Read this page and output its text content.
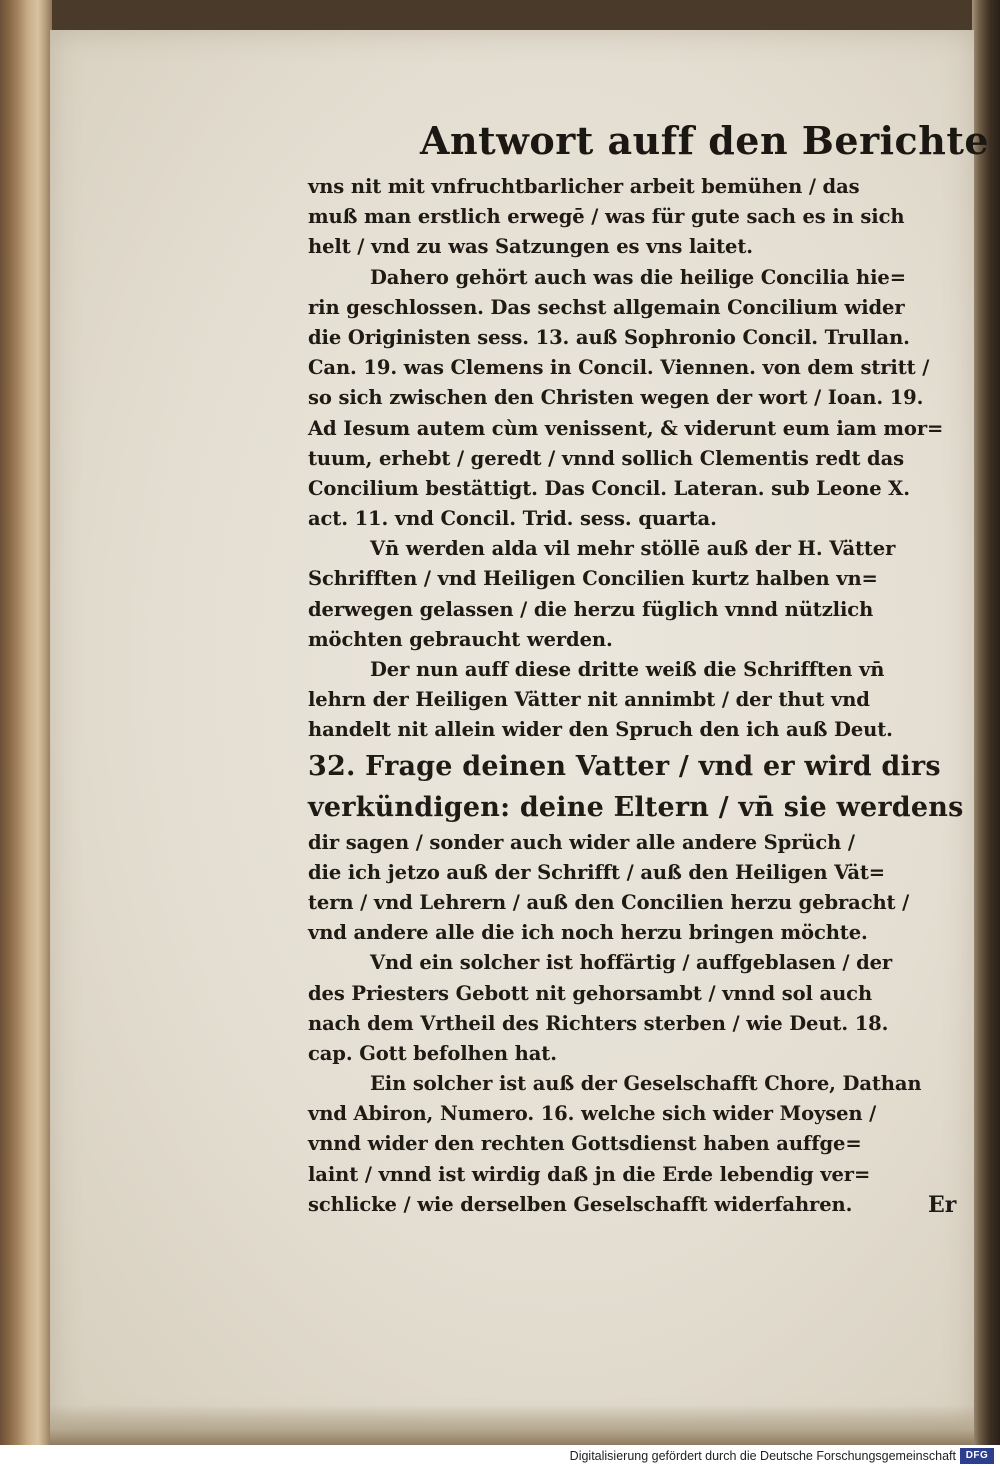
Antwort auff den Berichte
vns nit mit vnfruchtbarlicher arbeit bemühen / das
muß man erstlich erwegē / was für gute sach es in sich
helt / vnd zu was Satzungen es vns laitet.
Dahero gehört auch was die heilige Concilia hie=
rin geschlossen. Das sechst allgemain Concilium wider
die Originisten sess. 13. auß Sophronio Concil. Trullan.
Can. 19. was Clemens in Concil. Viennen. von dem stritt /
so sich zwischen den Christen wegen der wort / Ioan. 19.
Ad Iesum autem cùm venissent, & viderunt eum iam mor=
tuum, erhebt / geredt / vnnd sollich Clementis redt das
Concilium bestättigt. Das Concil. Lateran. sub Leone X.
act. 11. vnd Concil. Trid. sess. quarta.
Vn̄ werden alda vil mehr stöllē auß der H. Vätter
Schrifften / vnd Heiligen Concilien kurtz halben vn=
derwegen gelassen / die herzu füglich vnnd nützlich
möchten gebraucht werden.
Der nun auff diese dritte weiß die Schrifften vn̄
lehrn der Heiligen Vätter nit annimbt / der thut vnd
handelt nit allein wider den Spruch den ich auß Deut.
32. Frage deinen Vatter / vnd er wird dirs
verkündigen: deine Eltern / vn̄ sie werdens
dir sagen / sonder auch wider alle andere Sprüch /
die ich jetzo auß der Schrifft / auß den Heiligen Vät=
tern / vnd Lehrern / auß den Concilien herzu gebracht /
vnd andere alle die ich noch herzu bringen möchte.
Vnd ein solcher ist hoffärtig / auffgeblasen / der
des Priesters Gebott nit gehorsambt / vnnd sol auch
nach dem Vrtheil des Richters sterben / wie Deut. 18.
cap. Gott befolhen hat.
Ein solcher ist auß der Geselschafft Chore, Dathan
vnd Abiron, Numero. 16. welche sich wider Moysen /
vnnd wider den rechten Gottsdienst haben auffge=
laint / vnnd ist wirdig daß jn die Erde lebendig ver=
schlicke / wie derselben Geselschafft widerfahren.	Er
Digitalisierung gefördert durch die Deutsche Forschungsgemeinschaft DFG
